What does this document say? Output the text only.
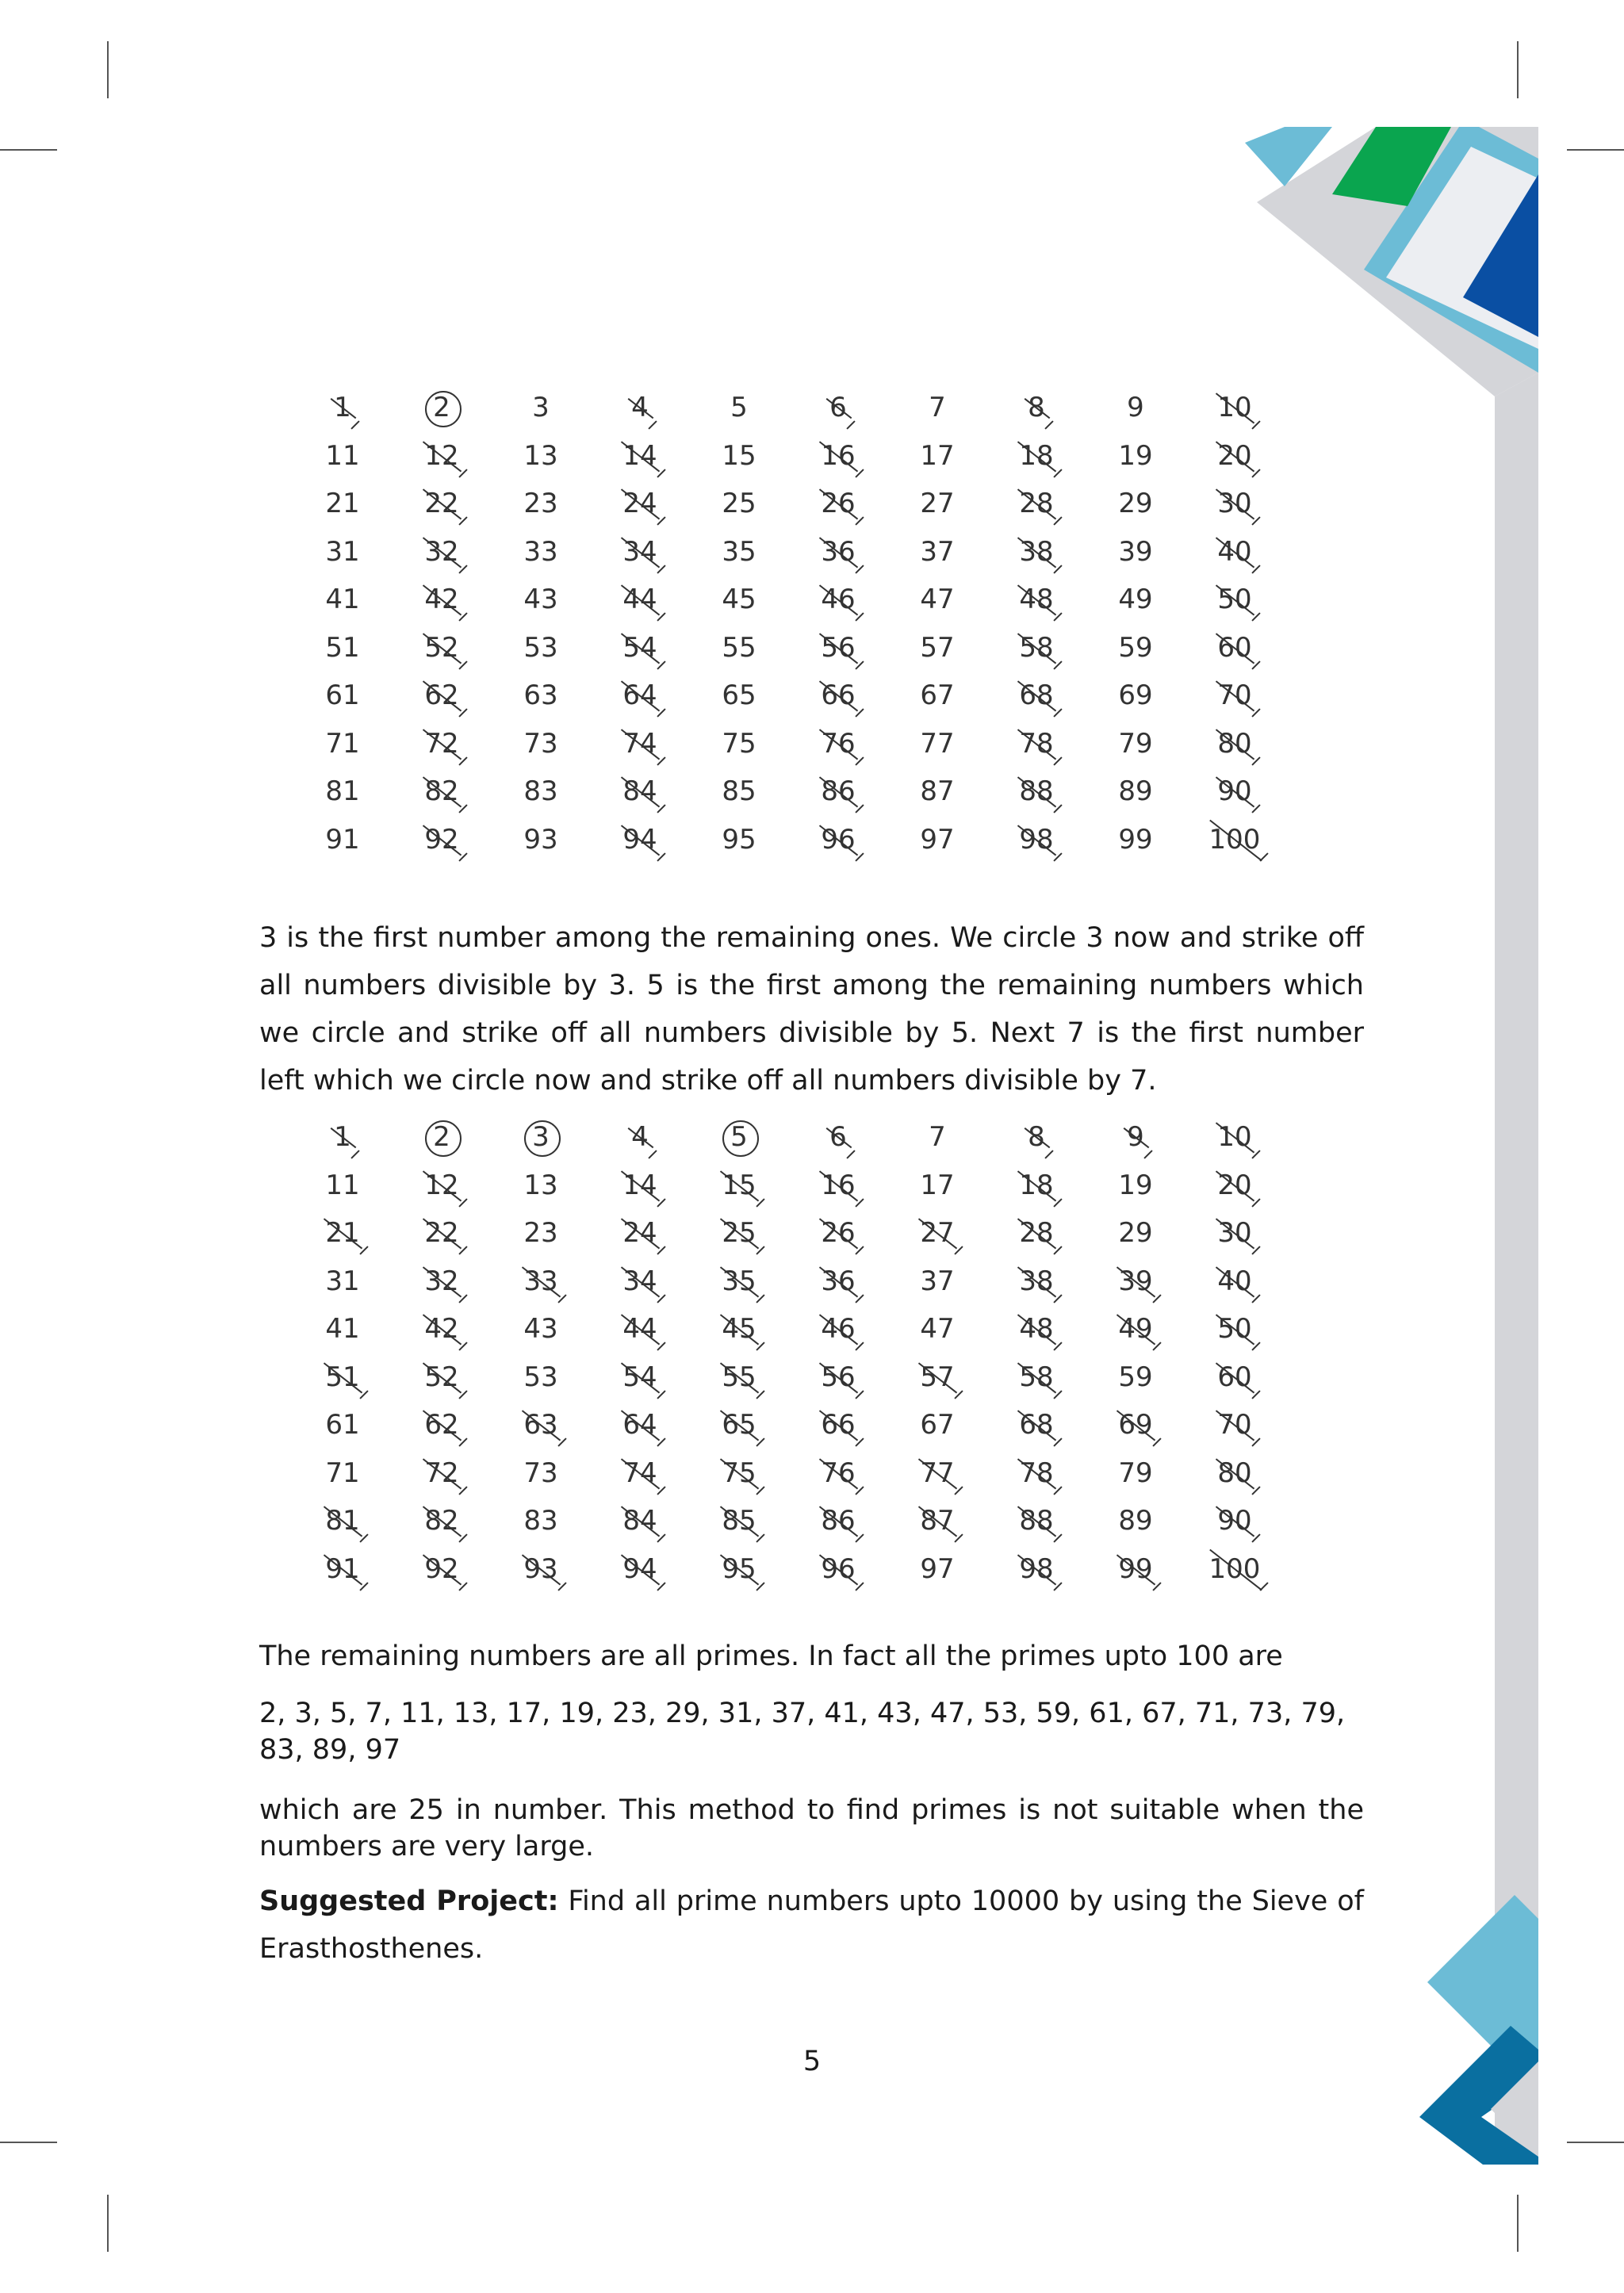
1	2	3	4	5	6	7	8	9	10
11	12	13	14	15	16	17	18	19	20
21	22	23	24	25	26	27	28	29	30
31	32	33	34	35	36	37	38	39	40
41	42	43	44	45	46	47	48	49	50
51	52	53	54	55	56	57	58	59	60
61	62	63	64	65	66	67	68	69	70
71	72	73	74	75	76	77	78	79	80
81	82	83	84	85	86	87	88	89	90
91	92	93	94	95	96	97	98	99	100
3 is the first number among the remaining ones. We circle 3 now and strike off all numbers divisible by 3. 5 is the first among the remaining numbers which we circle and strike off all numbers divisible by 5. Next 7 is the first number left which we circle now and strike off all numbers divisible by 7.
1	2	3	4	5	6	7	8	9	10
11	12	13	14	15	16	17	18	19	20
21	22	23	24	25	26	27	28	29	30
31	32	33	34	35	36	37	38	39	40
41	42	43	44	45	46	47	48	49	50
51	52	53	54	55	56	57	58	59	60
61	62	63	64	65	66	67	68	69	70
71	72	73	74	75	76	77	78	79	80
81	82	83	84	85	86	87	88	89	90
91	92	93	94	95	96	97	98	99	100
The remaining numbers are all primes. In fact all the primes upto 100 are
2, 3, 5, 7, 11, 13, 17, 19, 23, 29, 31, 37, 41, 43, 47, 53, 59, 61, 67, 71, 73, 79, 83, 89, 97
which are 25 in number. This method to find primes is not suitable when the numbers are very large.
Suggested Project: Find all prime numbers upto 10000 by using the Sieve of Erasthosthenes.
5
